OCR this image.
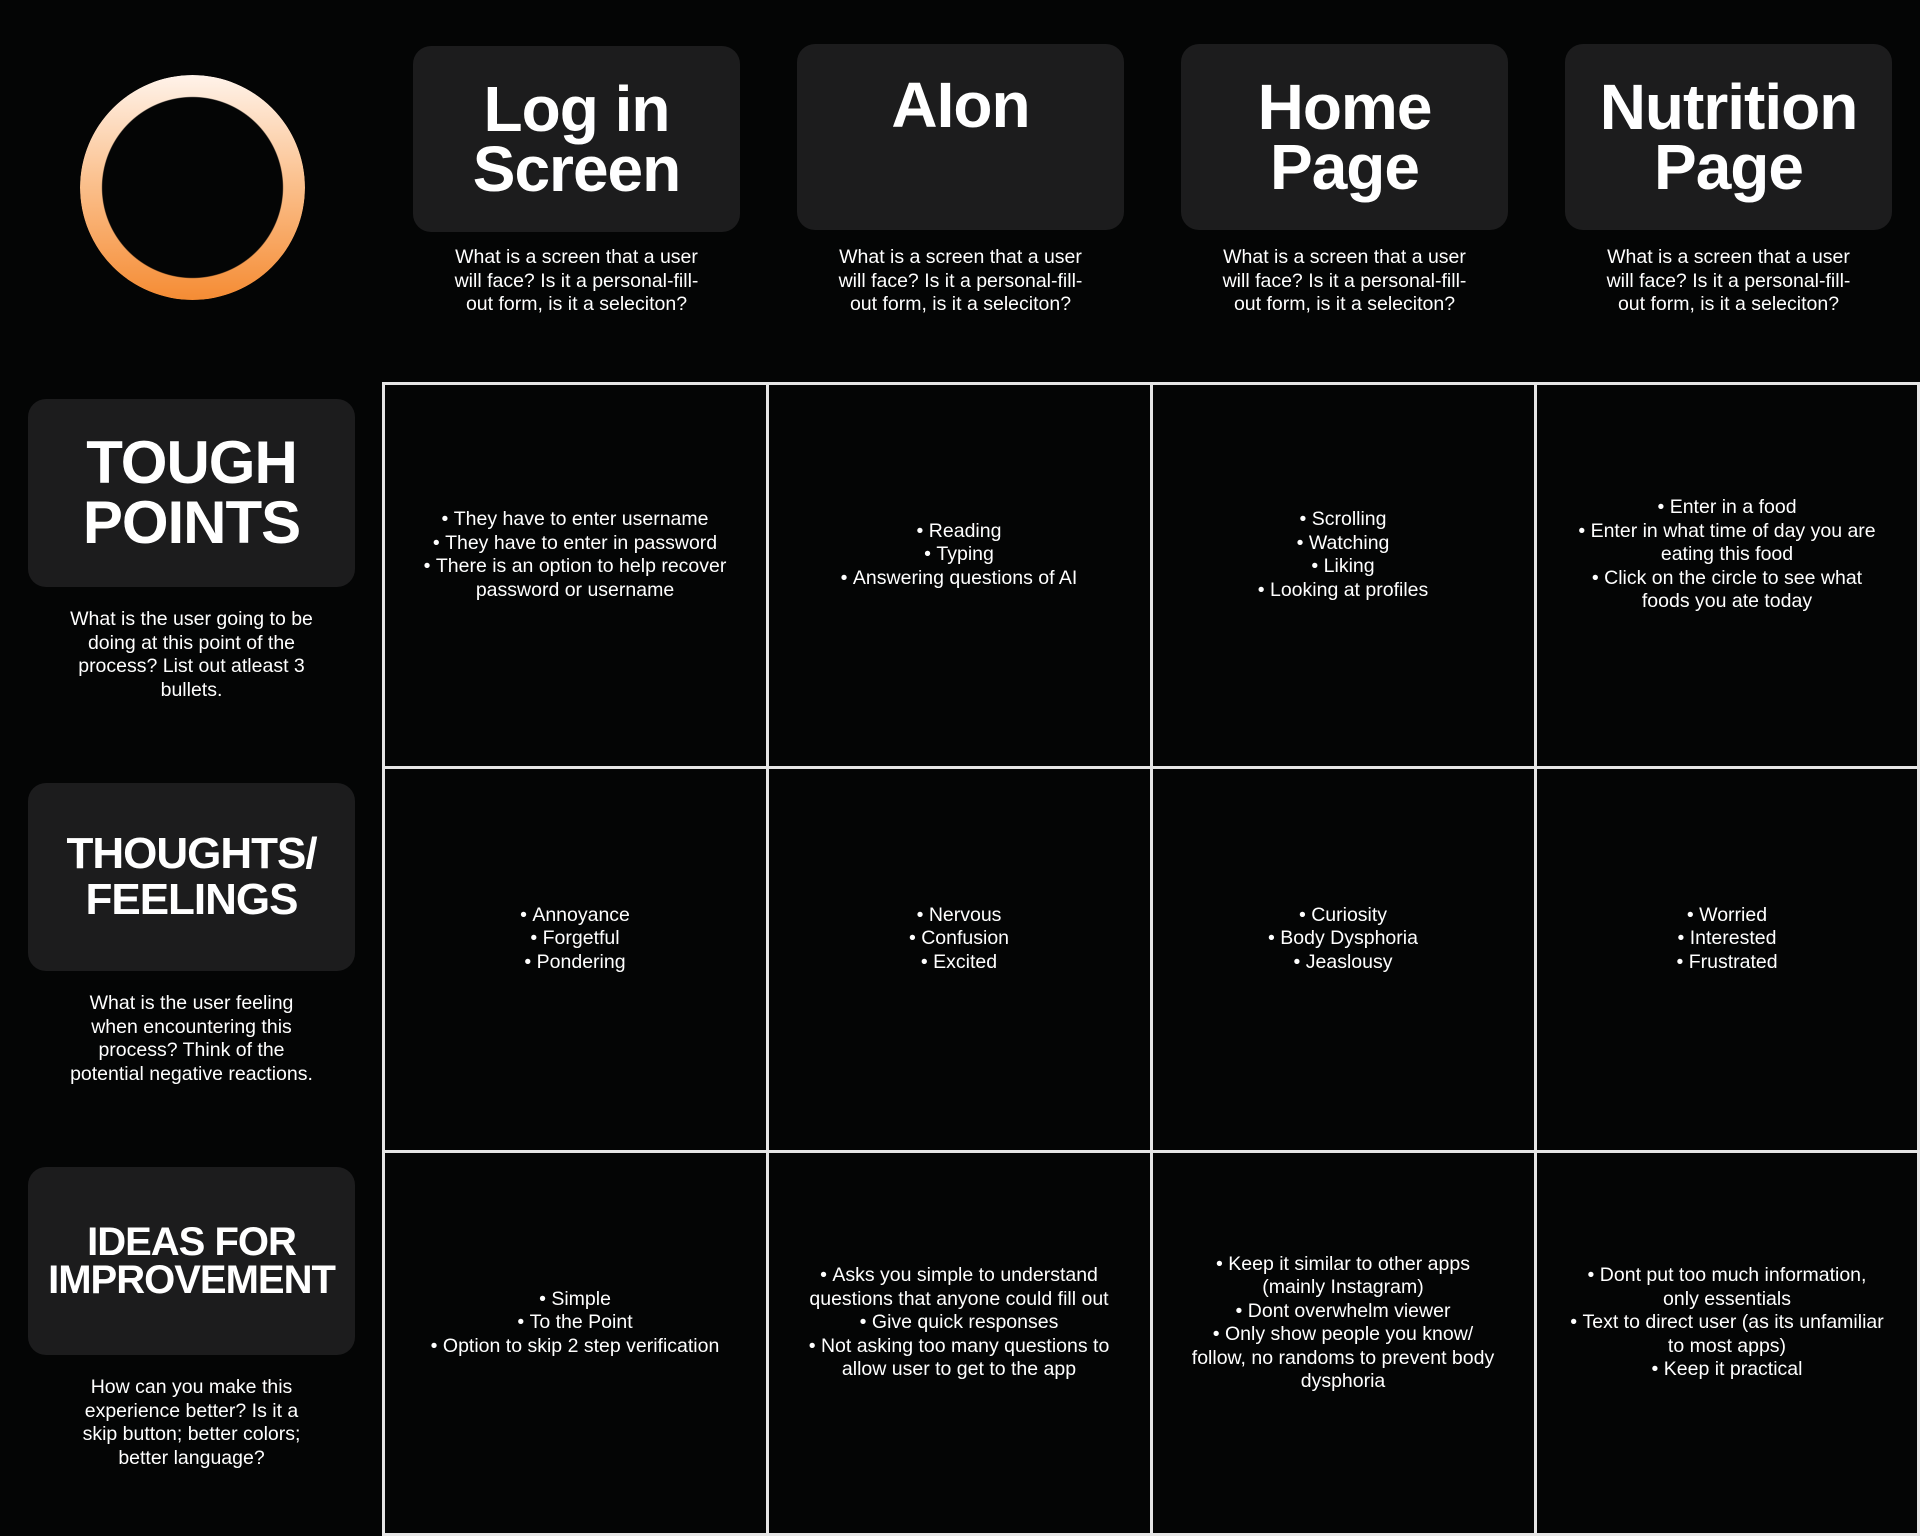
Log in Screen
AIon	Home Page
Nutrition Page
What is a screen that a user will face? Is it a personal-fill-out form, is it a seleciton?
What is a screen that a user will face? Is it a personal-fill-out form, is it a seleciton?
What is a screen that a user will face? Is it a personal-fill-out form, is it a seleciton?
What is a screen that a user will face? Is it a personal-fill-out form, is it a seleciton?
TOUGH POINTS
THOUGHTS/ FEELINGS
IDEAS FOR IMPROVEMENT
What is the user going to be doing at this point of the process? List out atleast 3 bullets.
What is the user feeling when encountering this process? Think of the potential negative reactions.
How can you make this experience better? Is it a skip button; better colors; better language?
• They have to enter username
• They have to enter in password
• There is an option to help recover password or username
• Reading
• Typing
• Answering questions of AI
• Scrolling
• Watching
• Liking
• Looking at profiles
• Enter in a food
• Enter in what time of day you are eating this food
• Click on the circle to see what foods you ate today
• Annoyance
• Forgetful
• Pondering
• Nervous
• Confusion
• Excited
• Curiosity
• Body Dysphoria
• Jeaslousy
• Worried
• Interested
• Frustrated
• Simple
• To the Point
• Option to skip 2 step verification
• Asks you simple to understand questions that anyone could fill out
• Give quick responses
• Not asking too many questions to allow user to get to the app
• Keep it similar to other apps (mainly Instagram)
• Dont overwhelm viewer
• Only show people you know/ follow, no randoms to prevent body dysphoria
• Dont put too much information, only essentials
• Text to direct user (as its unfamiliar to most apps)
• Keep it practical
